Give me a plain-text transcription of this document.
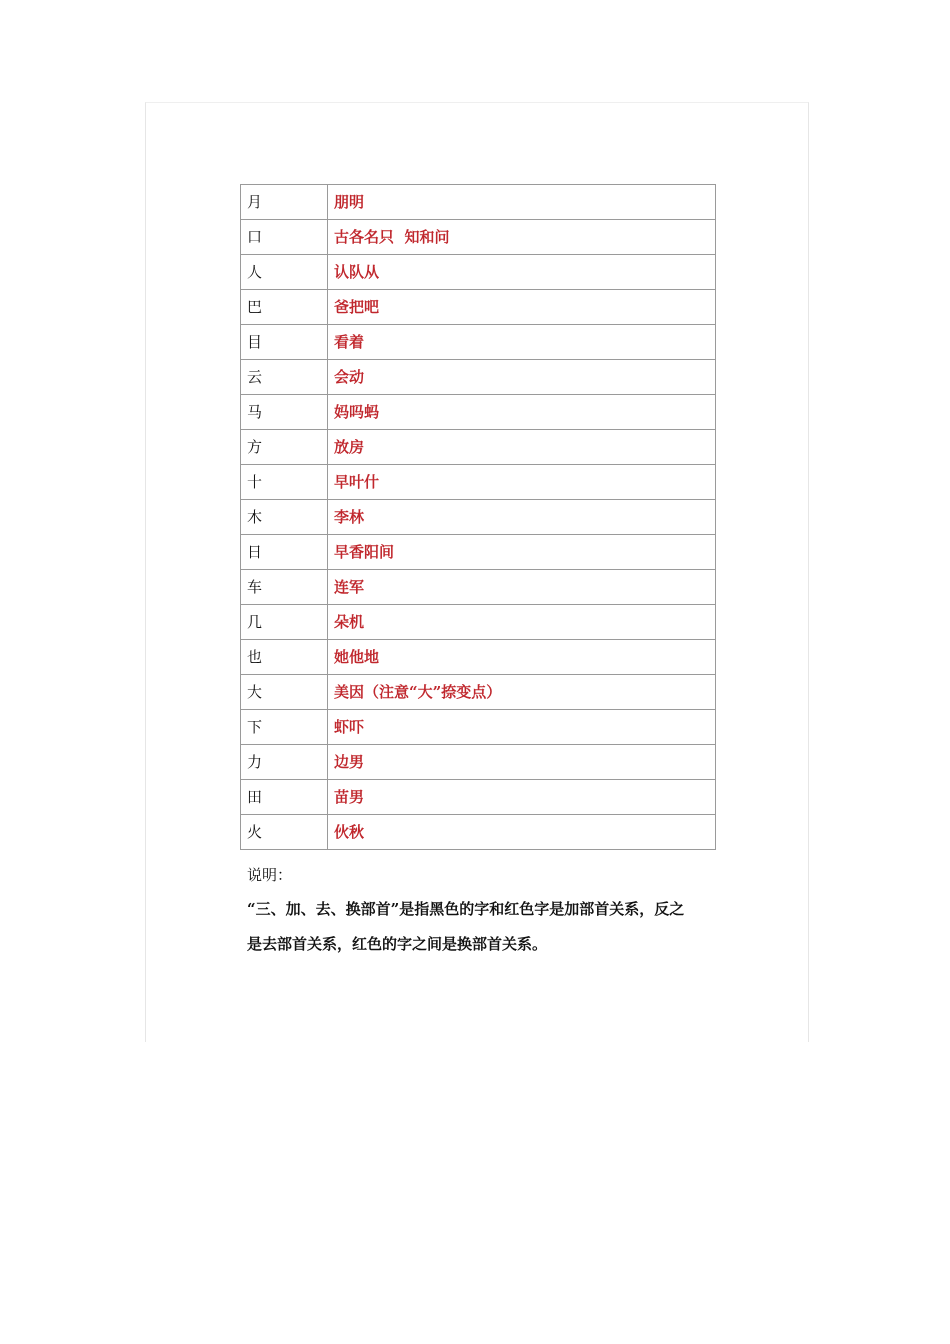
月	朋明
口	古各名只  知和问
人	认队从
巴	爸把吧
目	看着
云	会动
马	妈吗蚂
方	放房
十	早叶什
木	李林
日	早香阳间
车	连军
几	朵机
也	她他地
大	美因（注意“大”捺变点）
下	虾吓
力	边男
田	苗男
火	伙秋
说明：
“三、加、去、换部首”是指黑色的字和红色字是加部首关系，反之
是去部首关系，红色的字之间是换部首关系。
